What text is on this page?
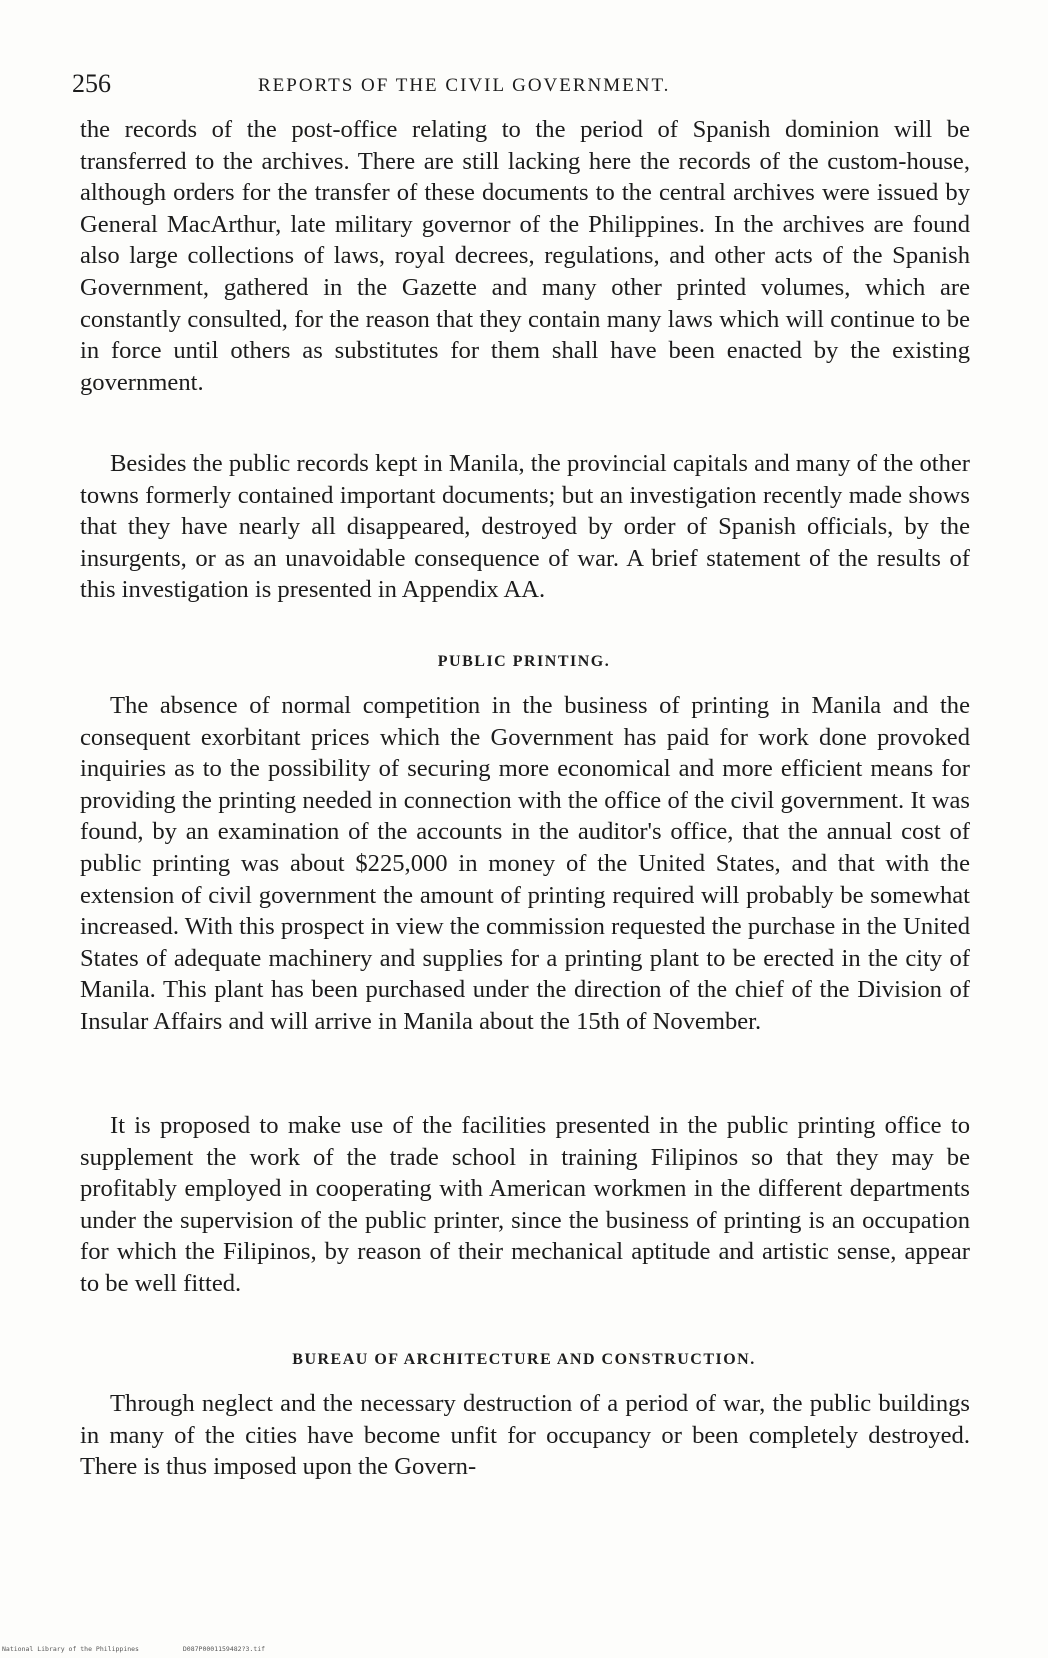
256	REPORTS OF THE CIVIL GOVERNMENT.

the records of the post-office relating to the period of Spanish dominion will be transferred to the archives. There are still lacking here the records of the custom-house, although orders for the transfer of these documents to the central archives were issued by General MacArthur, late military governor of the Philippines. In the archives are found also large collections of laws, royal decrees, regulations, and other acts of the Spanish Government, gathered in the Gazette and many other printed volumes, which are constantly consulted, for the reason that they contain many laws which will continue to be in force until others as substitutes for them shall have been enacted by the existing government.

Besides the public records kept in Manila, the provincial capitals and many of the other towns formerly contained important documents; but an investigation recently made shows that they have nearly all disappeared, destroyed by order of Spanish officials, by the insurgents, or as an unavoidable consequence of war. A brief statement of the results of this investigation is presented in Appendix AA.

PUBLIC PRINTING.

The absence of normal competition in the business of printing in Manila and the consequent exorbitant prices which the Government has paid for work done provoked inquiries as to the possibility of securing more economical and more efficient means for providing the printing needed in connection with the office of the civil government. It was found, by an examination of the accounts in the auditor's office, that the annual cost of public printing was about $225,000 in money of the United States, and that with the extension of civil government the amount of printing required will probably be somewhat increased. With this prospect in view the commission requested the purchase in the United States of adequate machinery and supplies for a printing plant to be erected in the city of Manila. This plant has been purchased under the direction of the chief of the Division of Insular Affairs and will arrive in Manila about the 15th of November.

It is proposed to make use of the facilities presented in the public printing office to supplement the work of the trade school in training Filipinos so that they may be profitably employed in cooperating with American workmen in the different departments under the supervision of the public printer, since the business of printing is an occupation for which the Filipinos, by reason of their mechanical aptitude and artistic sense, appear to be well fitted.

BUREAU OF ARCHITECTURE AND CONSTRUCTION.

Through neglect and the necessary destruction of a period of war, the public buildings in many of the cities have become unfit for occupancy or been completely destroyed. There is thus imposed upon the Govern-

National Library of the Philippines	D087P0001159482?3.tif
